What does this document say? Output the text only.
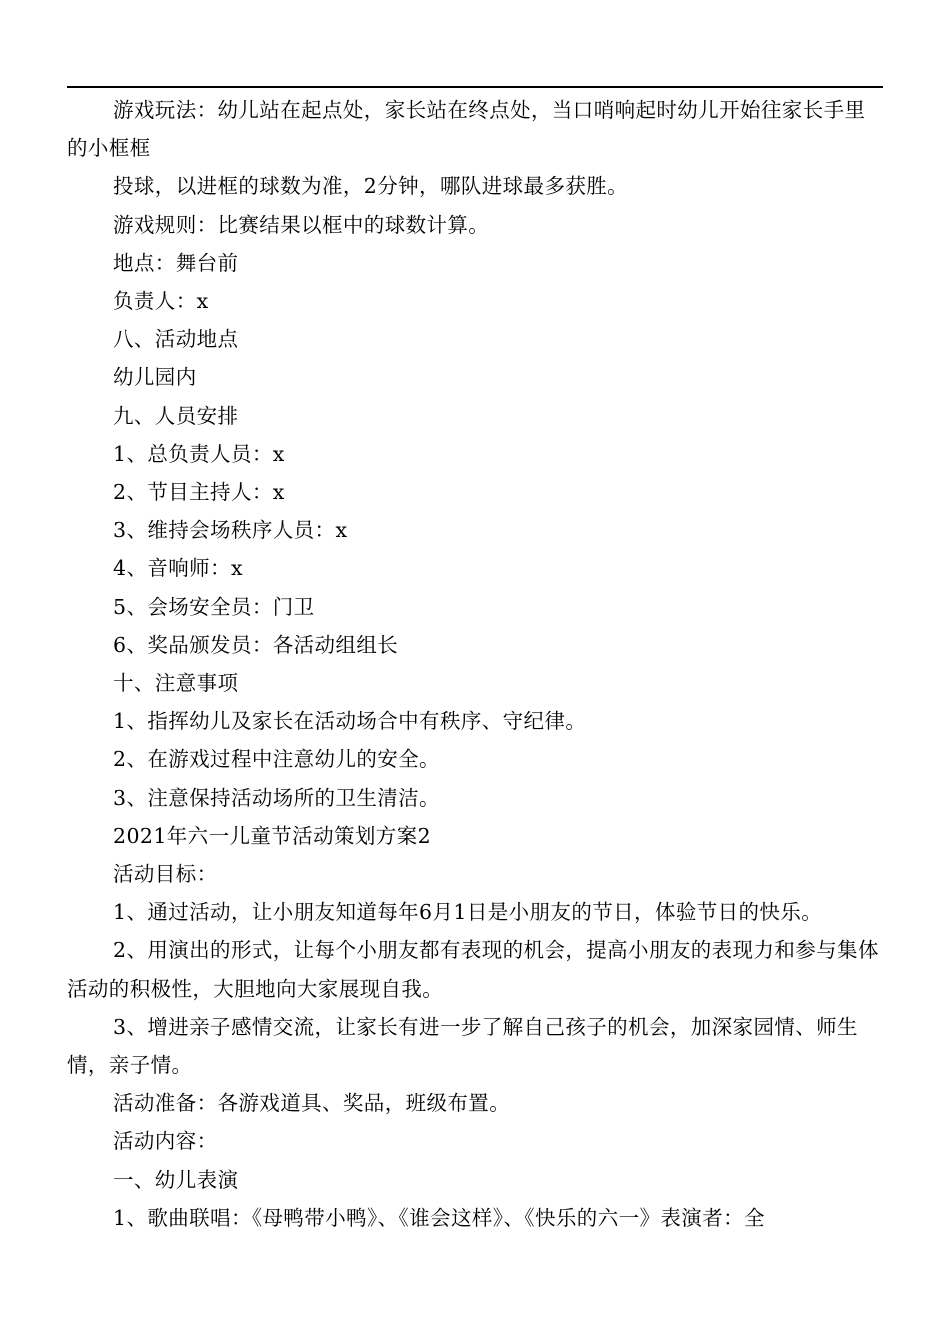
游戏玩法：幼儿站在起点处，家长站在终点处，当口哨响起时幼儿开始往家长手里的小框框

投球，以进框的球数为准，2分钟，哪队进球最多获胜。

游戏规则：比赛结果以框中的球数计算。

地点：舞台前

负责人：x

八、活动地点

幼儿园内

九、人员安排

1、总负责人员：x

2、节目主持人：x

3、维持会场秩序人员：x

4、音响师：x

5、会场安全员：门卫

6、奖品颁发员：各活动组组长

十、注意事项

1、指挥幼儿及家长在活动场合中有秩序、守纪律。

2、在游戏过程中注意幼儿的安全。

3、注意保持活动场所的卫生清洁。

2021年六一儿童节活动策划方案2

活动目标：

1、通过活动，让小朋友知道每年6月1日是小朋友的节日，体验节日的快乐。

2、用演出的形式，让每个小朋友都有表现的机会，提高小朋友的表现力和参与集体活动的积极性，大胆地向大家展现自我。

3、增进亲子感情交流，让家长有进一步了解自己孩子的机会，加深家园情、师生情，亲子情。

活动准备：各游戏道具、奖品，班级布置。

活动内容：

一、幼儿表演

1、歌曲联唱：《母鸭带小鸭》、《谁会这样》、《快乐的六一》表演者：全
